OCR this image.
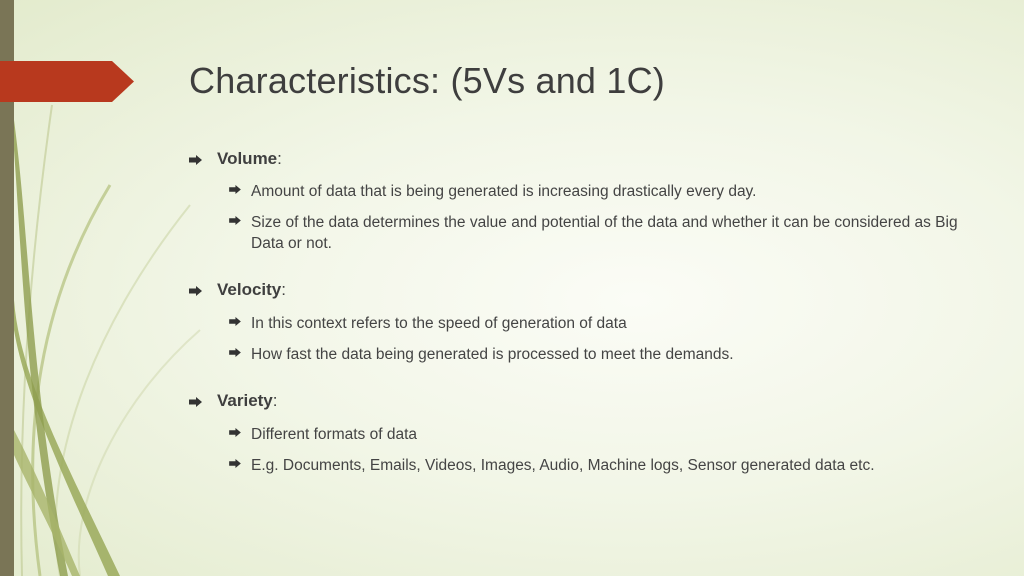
Characteristics: (5Vs and 1C)
Volume:
Amount of data that is being generated is increasing drastically every day.
Size of the data determines the value and potential of the data and whether it can be considered as Big Data or not.
Velocity:
In this context refers to the speed of generation of data
How fast the data being generated is processed to meet the demands.
Variety:
Different formats of data
E.g. Documents, Emails, Videos, Images, Audio, Machine logs, Sensor generated data etc.
